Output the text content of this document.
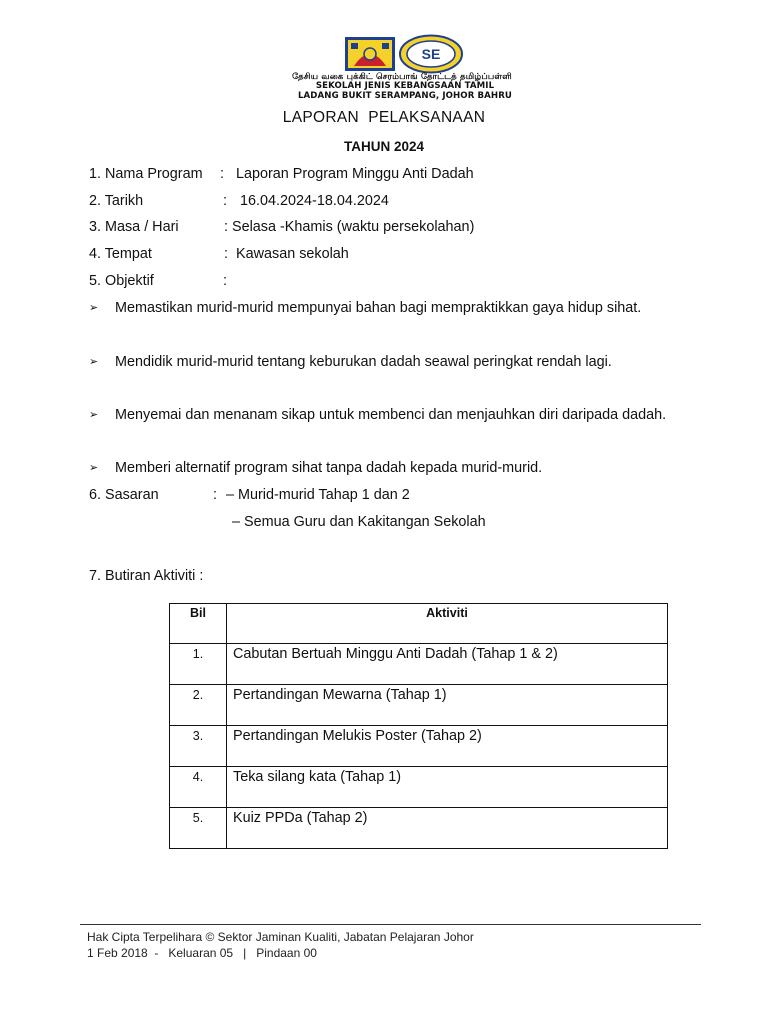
SE
தேசிய வகை புக்கிட் செரம்பாங் தோட்டத் தமிழ்ப்பள்ளி
SEKOLAH JENIS KEBANGSAAN TAMIL
LADANG BUKIT SERAMPANG, JOHOR BAHRU
LAPORAN  PELAKSANAAN
TAHUN 2024
1. Nama Program : Laporan Program Minggu Anti Dadah
2. Tarikh	: 16.04.2024-18.04.2024
3. Masa / Hari	: Selasa -Khamis (waktu persekolahan)
4. Tempat	: Kawasan sekolah
5. Objektif	:
➢ Memastikan murid-murid mempunyai bahan bagi mempraktikkan gaya hidup sihat.
➢ Mendidik murid-murid tentang keburukan dadah seawal peringkat rendah lagi.
➢ Menyemai dan menanam sikap untuk membenci dan menjauhkan diri daripada dadah.
➢ Memberi alternatif program sihat tanpa dadah kepada murid-murid.
6. Sasaran	: – Murid-murid Tahap 1 dan 2
– Semua Guru dan Kakitangan Sekolah
7. Butiran Aktiviti :
Bil	Aktiviti
1.	Cabutan Bertuah Minggu Anti Dadah (Tahap 1 & 2)
2.	Pertandingan Mewarna (Tahap 1)
3.	Pertandingan Melukis Poster (Tahap 2)
4.	Teka silang kata (Tahap 1)
5.	Kuiz PPDa (Tahap 2)
Hak Cipta Terpelihara © Sektor Jaminan Kualiti, Jabatan Pelajaran Johor
1 Feb 2018  -   Keluaran 05   |   Pindaan 00
